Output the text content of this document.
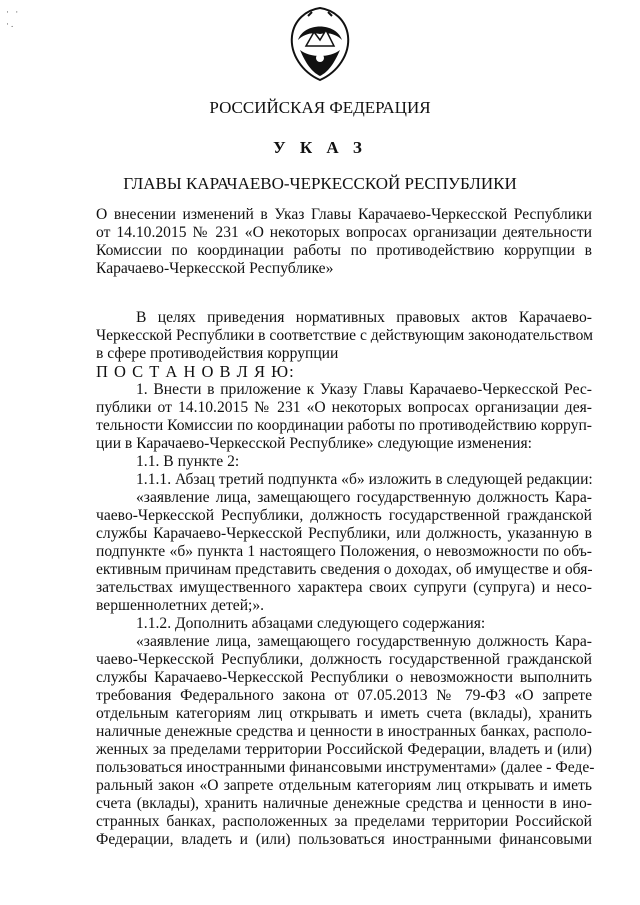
· ·
·.
РОССИЙСКАЯ ФЕДЕРАЦИЯ
У К А З
ГЛАВЫ КАРАЧАЕВО-ЧЕРКЕССКОЙ РЕСПУБЛИКИ
О внесении изменений в Указ Главы Карачаево-Черкесской Республики
от 14.10.2015 № 231 «О некоторых вопросах организации деятельности
Комиссии по координации работы по противодействию коррупции в
Карачаево-Черкесской Республике»
В целях приведения нормативных правовых актов Карачаево-
Черкесской Республики в соответствие с действующим законодательством
в сфере противодействия коррупции
П О С Т А Н О В Л Я Ю:
1. Внести в приложение к Указу Главы Карачаево-Черкесской Рес-
публики от 14.10.2015 № 231 «О некоторых вопросах организации дея-
тельности Комиссии по координации работы по противодействию корруп-
ции в Карачаево-Черкесской Республике» следующие изменения:
1.1. В пункте 2:
1.1.1. Абзац третий подпункта «б» изложить в следующей редакции:
«заявление лица, замещающего государственную должность Кара-
чаево-Черкесской Республики, должность государственной гражданской
службы Карачаево-Черкесской Республики, или должность, указанную в
подпункте «б» пункта 1 настоящего Положения, о невозможности по объ-
ективным причинам представить сведения о доходах, об имуществе и обя-
зательствах имущественного характера своих супруги (супруга) и несо-
вершеннолетних детей;».
1.1.2. Дополнить абзацами следующего содержания:
«заявление лица, замещающего государственную должность Кара-
чаево-Черкесской Республики, должность государственной гражданской
службы Карачаево-Черкесской Республики о невозможности выполнить
требования Федерального закона от 07.05.2013 № 79-ФЗ «О запрете
отдельным категориям лиц открывать и иметь счета (вклады), хранить
наличные денежные средства и ценности в иностранных банках, располо-
женных за пределами территории Российской Федерации, владеть и (или)
пользоваться иностранными финансовыми инструментами» (далее - Феде-
ральный закон «О запрете отдельным категориям лиц открывать и иметь
счета (вклады), хранить наличные денежные средства и ценности в ино-
странных банках, расположенных за пределами территории Российской
Федерации, владеть и (или) пользоваться иностранными финансовыми
